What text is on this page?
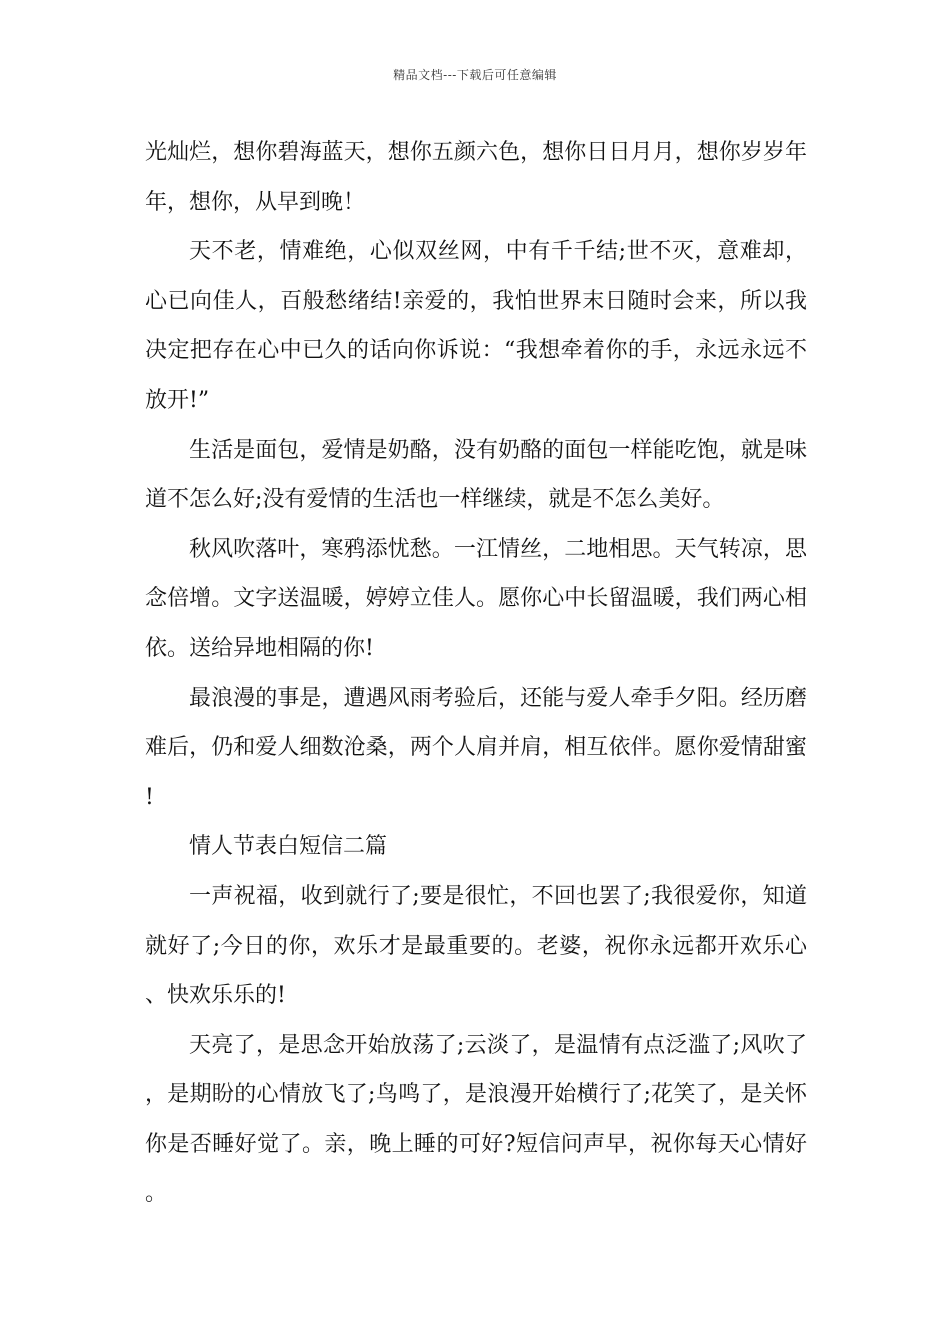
精品文档---下载后可任意编辑

光灿烂，想你碧海蓝天，想你五颜六色，想你日日月月，想你岁岁年年，想你，从早到晚！

天不老，情难绝，心似双丝网，中有千千结;世不灭，意难却，心已向佳人，百般愁绪结!亲爱的，我怕世界末日随时会来，所以我决定把存在心中已久的话向你诉说：“我想牵着你的手，永远永远不放开!”

生活是面包，爱情是奶酪，没有奶酪的面包一样能吃饱，就是味道不怎么好;没有爱情的生活也一样继续，就是不怎么美好。

秋风吹落叶，寒鸦添忧愁。一江情丝，二地相思。天气转凉，思念倍增。文字送温暖，婷婷立佳人。愿你心中长留温暖，我们两心相依。送给异地相隔的你!

最浪漫的事是，遭遇风雨考验后，还能与爱人牵手夕阳。经历磨难后，仍和爱人细数沧桑，两个人肩并肩，相互依伴。愿你爱情甜蜜!

情人节表白短信二篇

一声祝福，收到就行了;要是很忙，不回也罢了;我很爱你，知道就好了;今日的你，欢乐才是最重要的。老婆，祝你永远都开欢乐心、快欢乐乐的!

天亮了，是思念开始放荡了;云淡了，是温情有点泛滥了;风吹了，是期盼的心情放飞了;鸟鸣了，是浪漫开始横行了;花笑了，是关怀你是否睡好觉了。亲，晚上睡的可好?短信问声早，祝你每天心情好。
